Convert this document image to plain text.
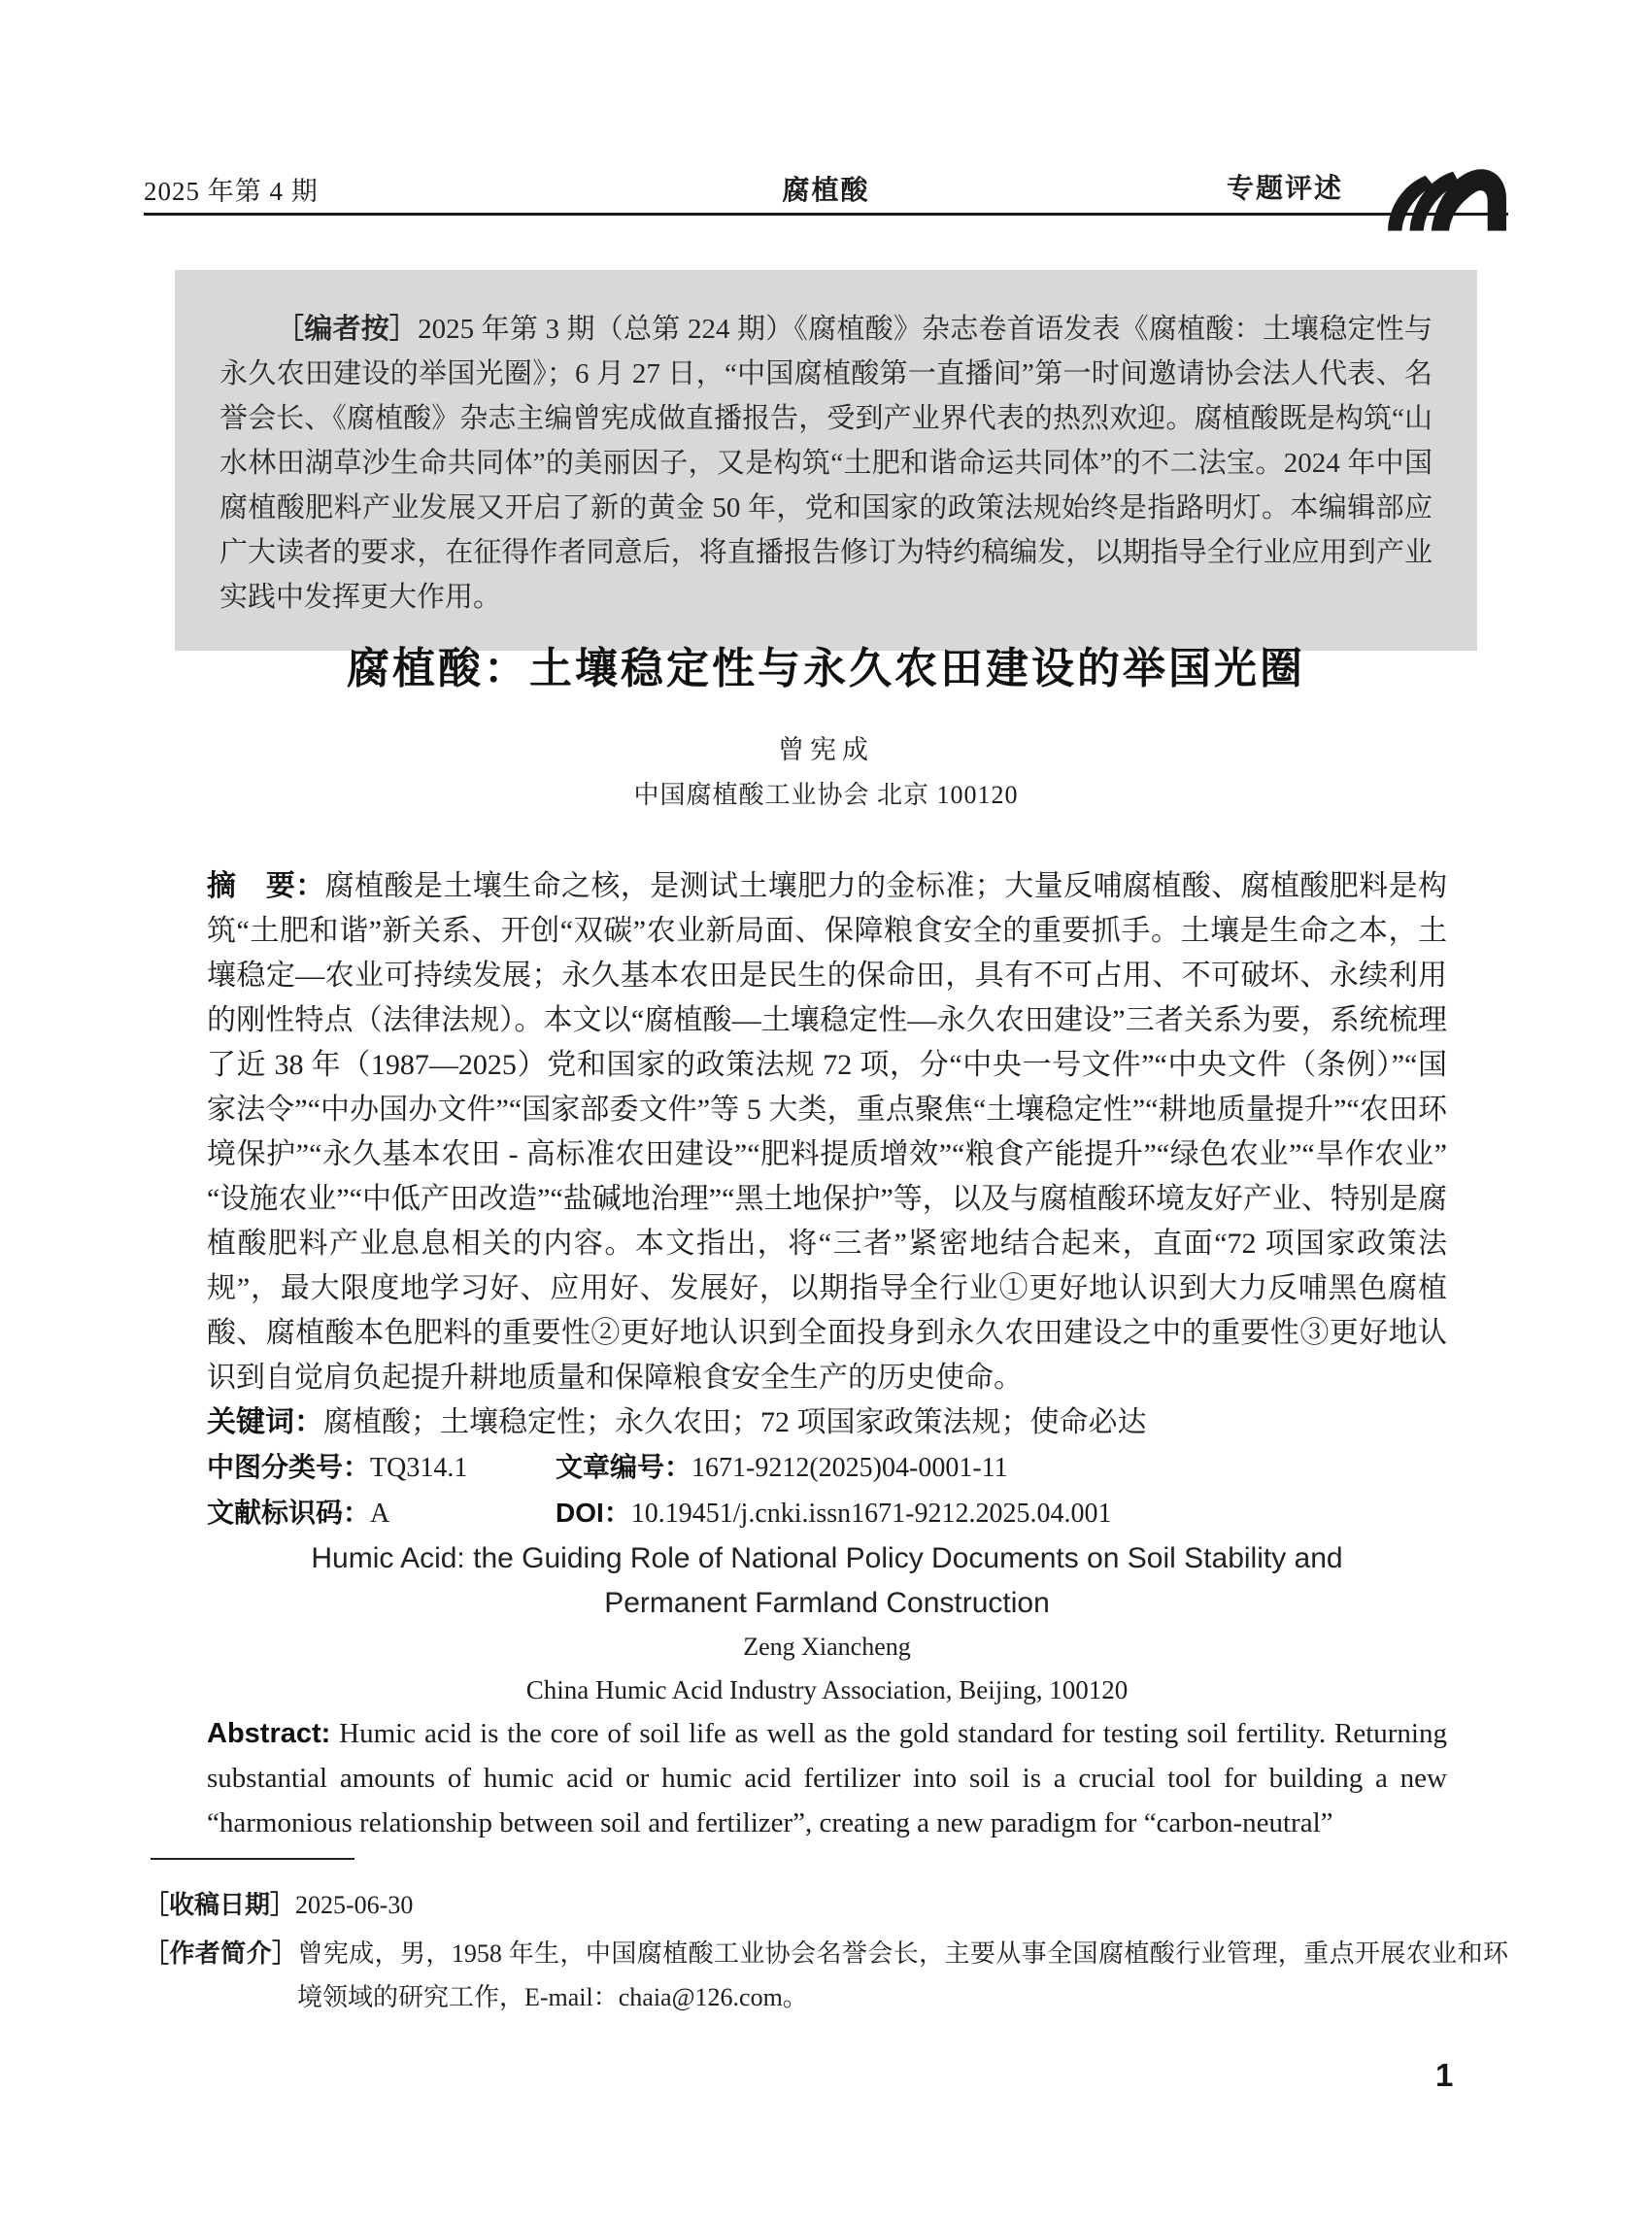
2025 年第 4 期	腐植酸	专题评述

［编者按］2025 年第 3 期（总第 224 期）《腐植酸》杂志卷首语发表《腐植酸：土壤稳定性与永久农田建设的举国光圈》；6 月 27 日，“中国腐植酸第一直播间”第一时间邀请协会法人代表、名誉会长、《腐植酸》杂志主编曾宪成做直播报告，受到产业界代表的热烈欢迎。腐植酸既是构筑“山水林田湖草沙生命共同体”的美丽因子，又是构筑“土肥和谐命运共同体”的不二法宝。2024 年中国腐植酸肥料产业发展又开启了新的黄金 50 年，党和国家的政策法规始终是指路明灯。本编辑部应广大读者的要求，在征得作者同意后，将直播报告修订为特约稿编发，以期指导全行业应用到产业实践中发挥更大作用。

腐植酸：土壤稳定性与永久农田建设的举国光圈
曾宪成
中国腐植酸工业协会 北京 100120

摘　要：腐植酸是土壤生命之核，是测试土壤肥力的金标准；大量反哺腐植酸、腐植酸肥料是构筑“土肥和谐”新关系、开创“双碳”农业新局面、保障粮食安全的重要抓手。土壤是生命之本，土壤稳定—农业可持续发展；永久基本农田是民生的保命田，具有不可占用、不可破坏、永续利用的刚性特点（法律法规）。本文以“腐植酸—土壤稳定性—永久农田建设”三者关系为要，系统梳理了近 38 年（1987—2025）党和国家的政策法规 72 项，分“中央一号文件”“中央文件（条例）”“国家法令”“中办国办文件”“国家部委文件”等 5 大类，重点聚焦“土壤稳定性”“耕地质量提升”“农田环境保护”“永久基本农田 - 高标准农田建设”“肥料提质增效”“粮食产能提升”“绿色农业”“旱作农业”“设施农业”“中低产田改造”“盐碱地治理”“黑土地保护”等，以及与腐植酸环境友好产业、特别是腐植酸肥料产业息息相关的内容。本文指出，将“三者”紧密地结合起来，直面“72 项国家政策法规”，最大限度地学习好、应用好、发展好，以期指导全行业①更好地认识到大力反哺黑色腐植酸、腐植酸本色肥料的重要性②更好地认识到全面投身到永久农田建设之中的重要性③更好地认识到自觉肩负起提升耕地质量和保障粮食安全生产的历史使命。

关键词：腐植酸；土壤稳定性；永久农田；72 项国家政策法规；使命必达

中图分类号：TQ314.1	文章编号：1671-9212(2025)04-0001-11
文献标识码：A	DOI：10.19451/j.cnki.issn1671-9212.2025.04.001

Humic Acid: the Guiding Role of National Policy Documents on Soil Stability and

Permanent Farmland Construction

Zeng Xiancheng

China Humic Acid Industry Association, Beijing, 100120

Abstract: Humic acid is the core of soil life as well as the gold standard for testing soil fertility. Returning substantial amounts of humic acid or humic acid fertilizer into soil is a crucial tool for building a new “harmonious relationship between soil and fertilizer”, creating a new paradigm for “carbon-neutral”

［收稿日期］2025-06-30

［作者简介］曾宪成，男，1958 年生，中国腐植酸工业协会名誉会长，主要从事全国腐植酸行业管理，重点开展农业和环境领域的研究工作，E-mail：chaia@126.com。

1
